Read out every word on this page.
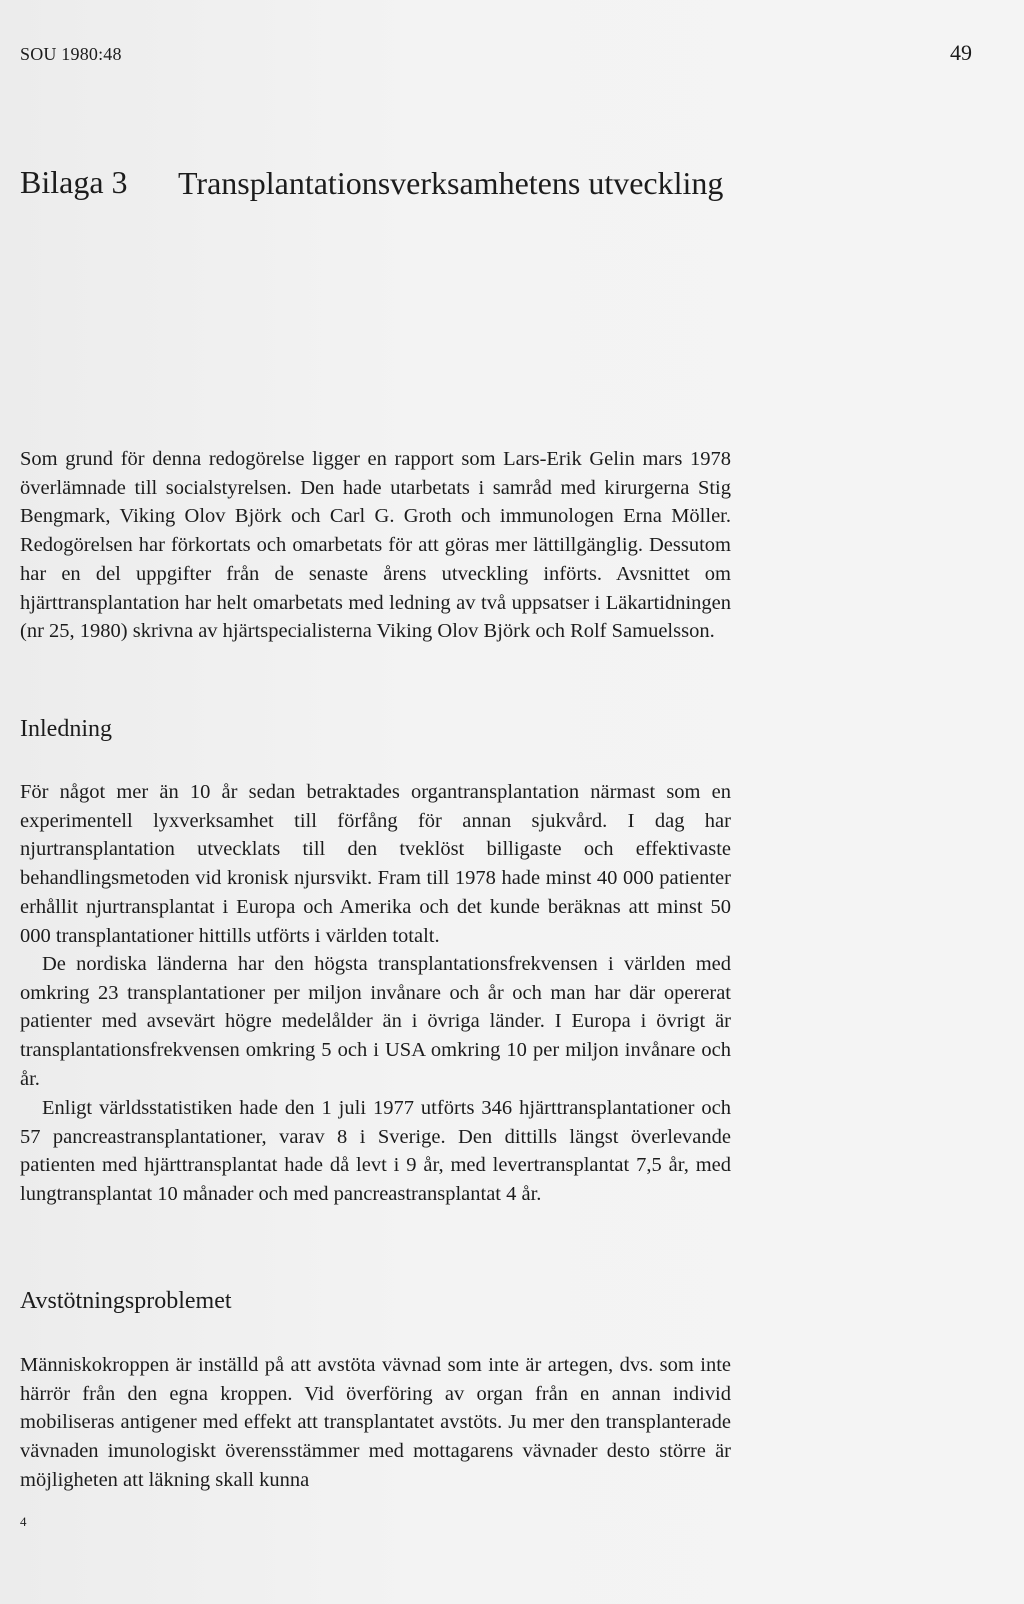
SOU 1980:48	49
Bilaga 3 Transplantationsverksamhetens utveckling

Som grund för denna redogörelse ligger en rapport som Lars-Erik Gelin mars 1978 överlämnade till socialstyrelsen. Den hade utarbetats i samråd med kirurgerna Stig Bengmark, Viking Olov Björk och Carl G. Groth och immunologen Erna Möller. Redogörelsen har förkortats och omarbetats för att göras mer lättillgänglig. Dessutom har en del uppgifter från de senaste årens utveckling införts. Avsnittet om hjärttransplantation har helt omarbetats med ledning av två uppsatser i Läkartidningen (nr 25, 1980) skrivna av hjärtspecialisterna Viking Olov Björk och Rolf Samuelsson.

Inledning

För något mer än 10 år sedan betraktades organtransplantation närmast som en experimentell lyxverksamhet till förfång för annan sjukvård. I dag har njurtransplantation utvecklats till den tveklöst billigaste och effektivaste behandlingsmetoden vid kronisk njursvikt. Fram till 1978 hade minst 40 000 patienter erhållit njurtransplantat i Europa och Amerika och det kunde beräknas att minst 50 000 transplantationer hittills utförts i världen totalt.

De nordiska länderna har den högsta transplantationsfrekvensen i världen med omkring 23 transplantationer per miljon invånare och år och man har där opererat patienter med avsevärt högre medelålder än i övriga länder. I Europa i övrigt är transplantationsfrekvensen omkring 5 och i USA omkring 10 per miljon invånare och år.

Enligt världsstatistiken hade den 1 juli 1977 utförts 346 hjärttransplantationer och 57 pancreastransplantationer, varav 8 i Sverige. Den dittills längst överlevande patienten med hjärttransplantat hade då levt i 9 år, med levertransplantat 7,5 år, med lungtransplantat 10 månader och med pancreastransplantat 4 år.

Avstötningsproblemet

Människokroppen är inställd på att avstöta vävnad som inte är artegen, dvs. som inte härrör från den egna kroppen. Vid överföring av organ från en annan individ mobiliseras antigener med effekt att transplantatet avstöts. Ju mer den transplanterade vävnaden imunologiskt överensstämmer med mottagarens vävnader desto större är möjligheten att läkning skall kunna

4
